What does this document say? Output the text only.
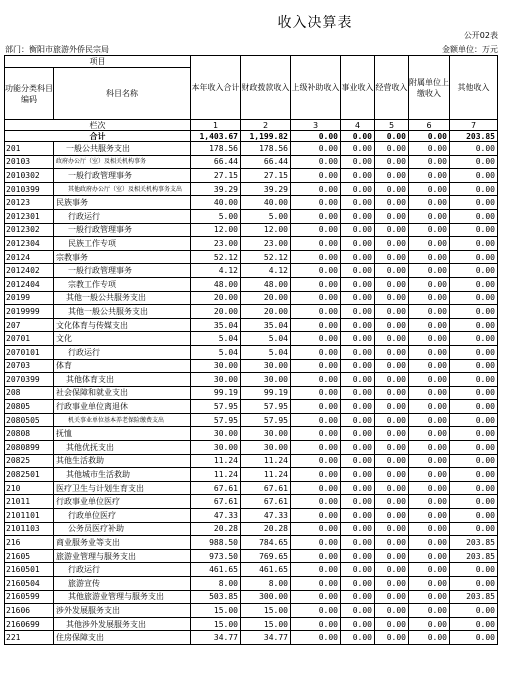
收入决算表
公开02表
部门：衡阳市旅游外侨民宗局	金额单位：万元
项目		本年收入合计	财政拨款收入	上级补助收入	事业收入	经营收入	附属单位上缴收入	其他收入
功能分类科目编码	科目名称							
栏次		1	2	3	4	5	6	7
合计		1,403.67	1,199.82	0.00	0.00	0.00	0.00	203.85
201	一般公共服务支出	178.56	178.56	0.00	0.00	0.00	0.00	0.00
20103	政府办公厅（室）及相关机构事务	66.44	66.44	0.00	0.00	0.00	0.00	0.00
2010302	一般行政管理事务	27.15	27.15	0.00	0.00	0.00	0.00	0.00
2010399	其他政府办公厅（室）及相关机构事务支出	39.29	39.29	0.00	0.00	0.00	0.00	0.00
20123	民族事务	40.00	40.00	0.00	0.00	0.00	0.00	0.00
2012301	行政运行	5.00	5.00	0.00	0.00	0.00	0.00	0.00
2012302	一般行政管理事务	12.00	12.00	0.00	0.00	0.00	0.00	0.00
2012304	民族工作专项	23.00	23.00	0.00	0.00	0.00	0.00	0.00
20124	宗教事务	52.12	52.12	0.00	0.00	0.00	0.00	0.00
2012402	一般行政管理事务	4.12	4.12	0.00	0.00	0.00	0.00	0.00
2012404	宗教工作专项	48.00	48.00	0.00	0.00	0.00	0.00	0.00
20199	其他一般公共服务支出	20.00	20.00	0.00	0.00	0.00	0.00	0.00
2019999	其他一般公共服务支出	20.00	20.00	0.00	0.00	0.00	0.00	0.00
207	文化体育与传媒支出	35.04	35.04	0.00	0.00	0.00	0.00	0.00
20701	文化	5.04	5.04	0.00	0.00	0.00	0.00	0.00
2070101	行政运行	5.04	5.04	0.00	0.00	0.00	0.00	0.00
20703	体育	30.00	30.00	0.00	0.00	0.00	0.00	0.00
2070399	其他体育支出	30.00	30.00	0.00	0.00	0.00	0.00	0.00
208	社会保障和就业支出	99.19	99.19	0.00	0.00	0.00	0.00	0.00
20805	行政事业单位离退休	57.95	57.95	0.00	0.00	0.00	0.00	0.00
2080505	机关事业单位基本养老保险缴费支出	57.95	57.95	0.00	0.00	0.00	0.00	0.00
20808	抚恤	30.00	30.00	0.00	0.00	0.00	0.00	0.00
2080899	其他优抚支出	30.00	30.00	0.00	0.00	0.00	0.00	0.00
20825	其他生活救助	11.24	11.24	0.00	0.00	0.00	0.00	0.00
2082501	其他城市生活救助	11.24	11.24	0.00	0.00	0.00	0.00	0.00
210	医疗卫生与计划生育支出	67.61	67.61	0.00	0.00	0.00	0.00	0.00
21011	行政事业单位医疗	67.61	67.61	0.00	0.00	0.00	0.00	0.00
2101101	行政单位医疗	47.33	47.33	0.00	0.00	0.00	0.00	0.00
2101103	公务员医疗补助	20.28	20.28	0.00	0.00	0.00	0.00	0.00
216	商业服务业等支出	988.50	784.65	0.00	0.00	0.00	0.00	203.85
21605	旅游业管理与服务支出	973.50	769.65	0.00	0.00	0.00	0.00	203.85
2160501	行政运行	461.65	461.65	0.00	0.00	0.00	0.00	0.00
2160504	旅游宣传	8.00	8.00	0.00	0.00	0.00	0.00	0.00
2160599	其他旅游业管理与服务支出	503.85	300.00	0.00	0.00	0.00	0.00	203.85
21606	涉外发展服务支出	15.00	15.00	0.00	0.00	0.00	0.00	0.00
2160699	其他涉外发展服务支出	15.00	15.00	0.00	0.00	0.00	0.00	0.00
221	住房保障支出	34.77	34.77	0.00	0.00	0.00	0.00	0.00
